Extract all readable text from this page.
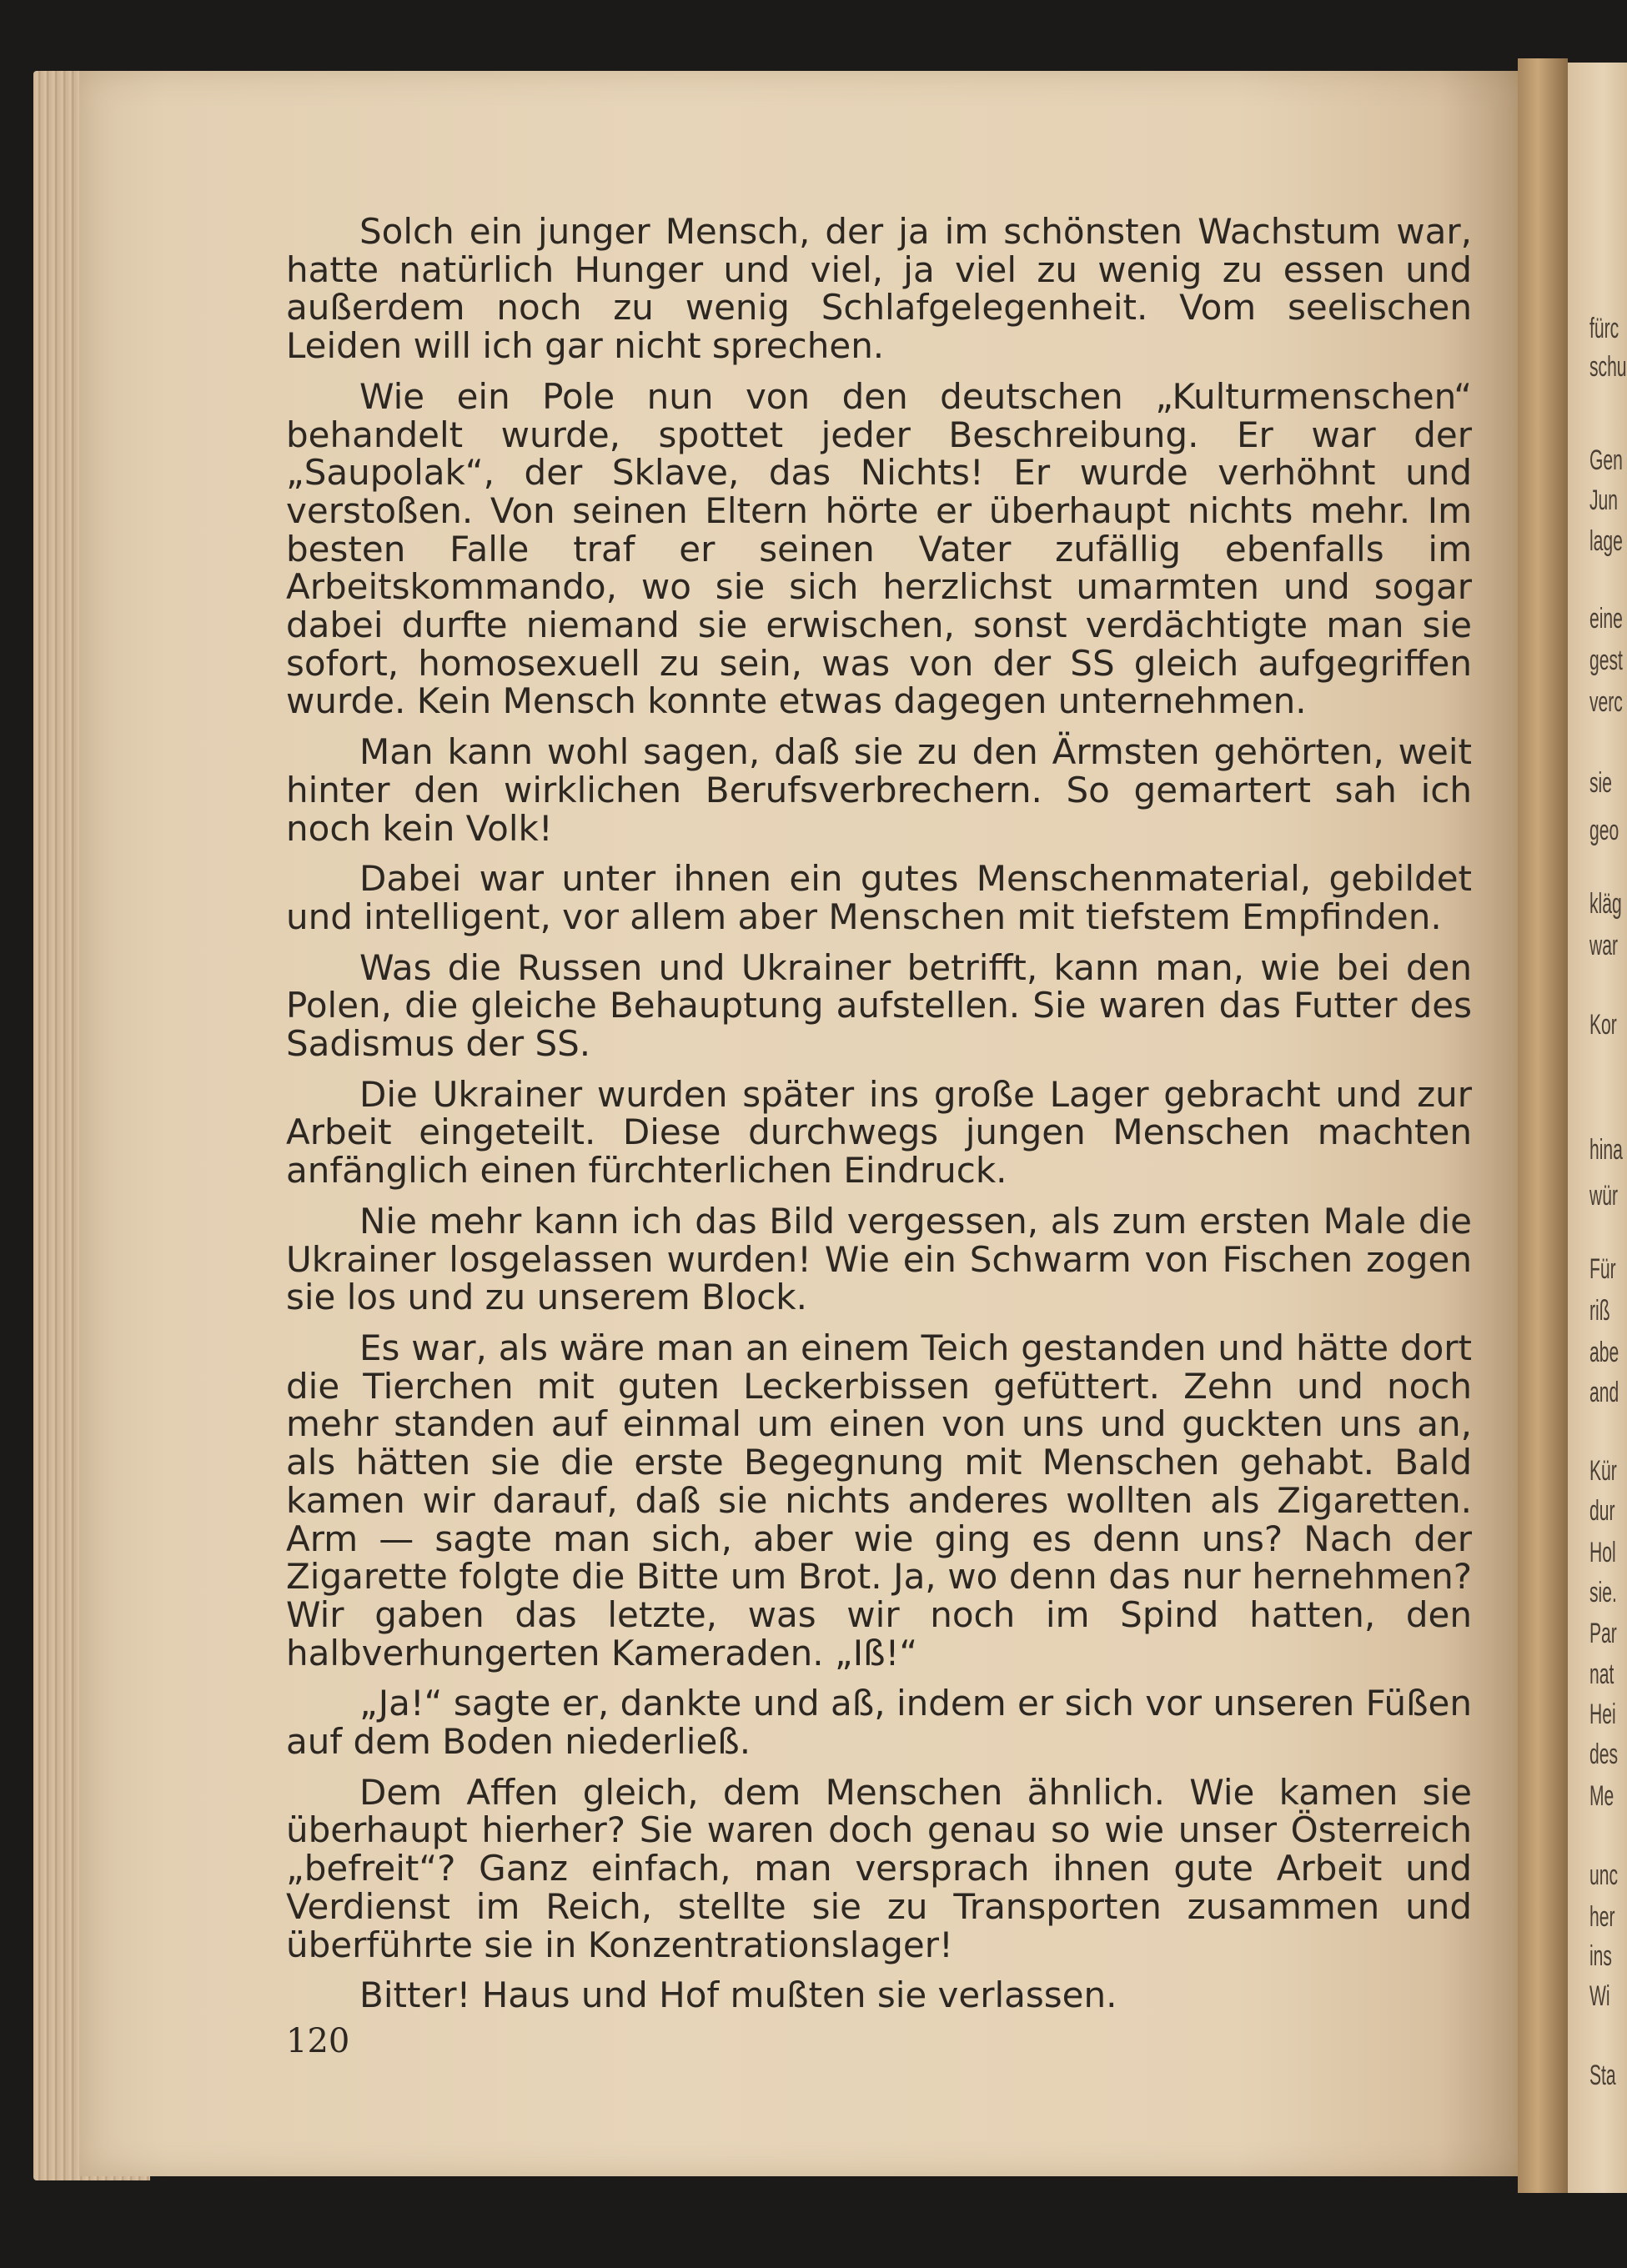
fürc
schu
Gen
Jun
lage
eine
gest
verc
sie
geo
kläg
war
Kor
hina
wür
Für
riß
abe
and
Kür
dur
Hol
sie.
Par
nat
Hei
des
Me
unc
her
ins
Wi
Sta

Solch ein junger Mensch, der ja im schönsten Wachstum war, hatte natürlich Hunger und viel, ja viel zu wenig zu essen und außerdem noch zu wenig Schlafgelegenheit. Vom seelischen Leiden will ich gar nicht sprechen.

Wie ein Pole nun von den deutschen „Kulturmenschen“ behandelt wurde, spottet jeder Beschreibung. Er war der „Saupolak“, der Sklave, das Nichts! Er wurde verhöhnt und verstoßen. Von seinen Eltern hörte er überhaupt nichts mehr. Im besten Falle traf er seinen Vater zufällig ebenfalls im Arbeitskommando, wo sie sich herzlichst umarmten und sogar dabei durfte niemand sie erwischen, sonst verdächtigte man sie sofort, homosexuell zu sein, was von der SS gleich aufgegriffen wurde. Kein Mensch konnte etwas dagegen unternehmen.

Man kann wohl sagen, daß sie zu den Ärmsten gehörten, weit hinter den wirklichen Berufsverbrechern. So gemartert sah ich noch kein Volk!

Dabei war unter ihnen ein gutes Menschenmaterial, gebildet und intelligent, vor allem aber Menschen mit tiefstem Empfinden.

Was die Russen und Ukrainer betrifft, kann man, wie bei den Polen, die gleiche Behauptung aufstellen. Sie waren das Futter des Sadismus der SS.

Die Ukrainer wurden später ins große Lager gebracht und zur Arbeit eingeteilt. Diese durchwegs jungen Menschen machten anfänglich einen fürchterlichen Eindruck.

Nie mehr kann ich das Bild vergessen, als zum ersten Male die Ukrainer losgelassen wurden! Wie ein Schwarm von Fischen zogen sie los und zu unserem Block.

Es war, als wäre man an einem Teich gestanden und hätte dort die Tierchen mit guten Leckerbissen gefüttert. Zehn und noch mehr standen auf einmal um einen von uns und guckten uns an, als hätten sie die erste Begegnung mit Menschen gehabt. Bald kamen wir darauf, daß sie nichts anderes wollten als Zigaretten. Arm — sagte man sich, aber wie ging es denn uns? Nach der Zigarette folgte die Bitte um Brot. Ja, wo denn das nur hernehmen? Wir gaben das letzte, was wir noch im Spind hatten, den halbverhungerten Kameraden. „Iß!“

„Ja!“ sagte er, dankte und aß, indem er sich vor unseren Füßen auf dem Boden niederließ.

Dem Affen gleich, dem Menschen ähnlich. Wie kamen sie überhaupt hierher? Sie waren doch genau so wie unser Österreich „befreit“? Ganz einfach, man versprach ihnen gute Arbeit und Verdienst im Reich, stellte sie zu Transporten zusammen und überführte sie in Konzentrationslager!

Bitter! Haus und Hof mußten sie verlassen.

120
